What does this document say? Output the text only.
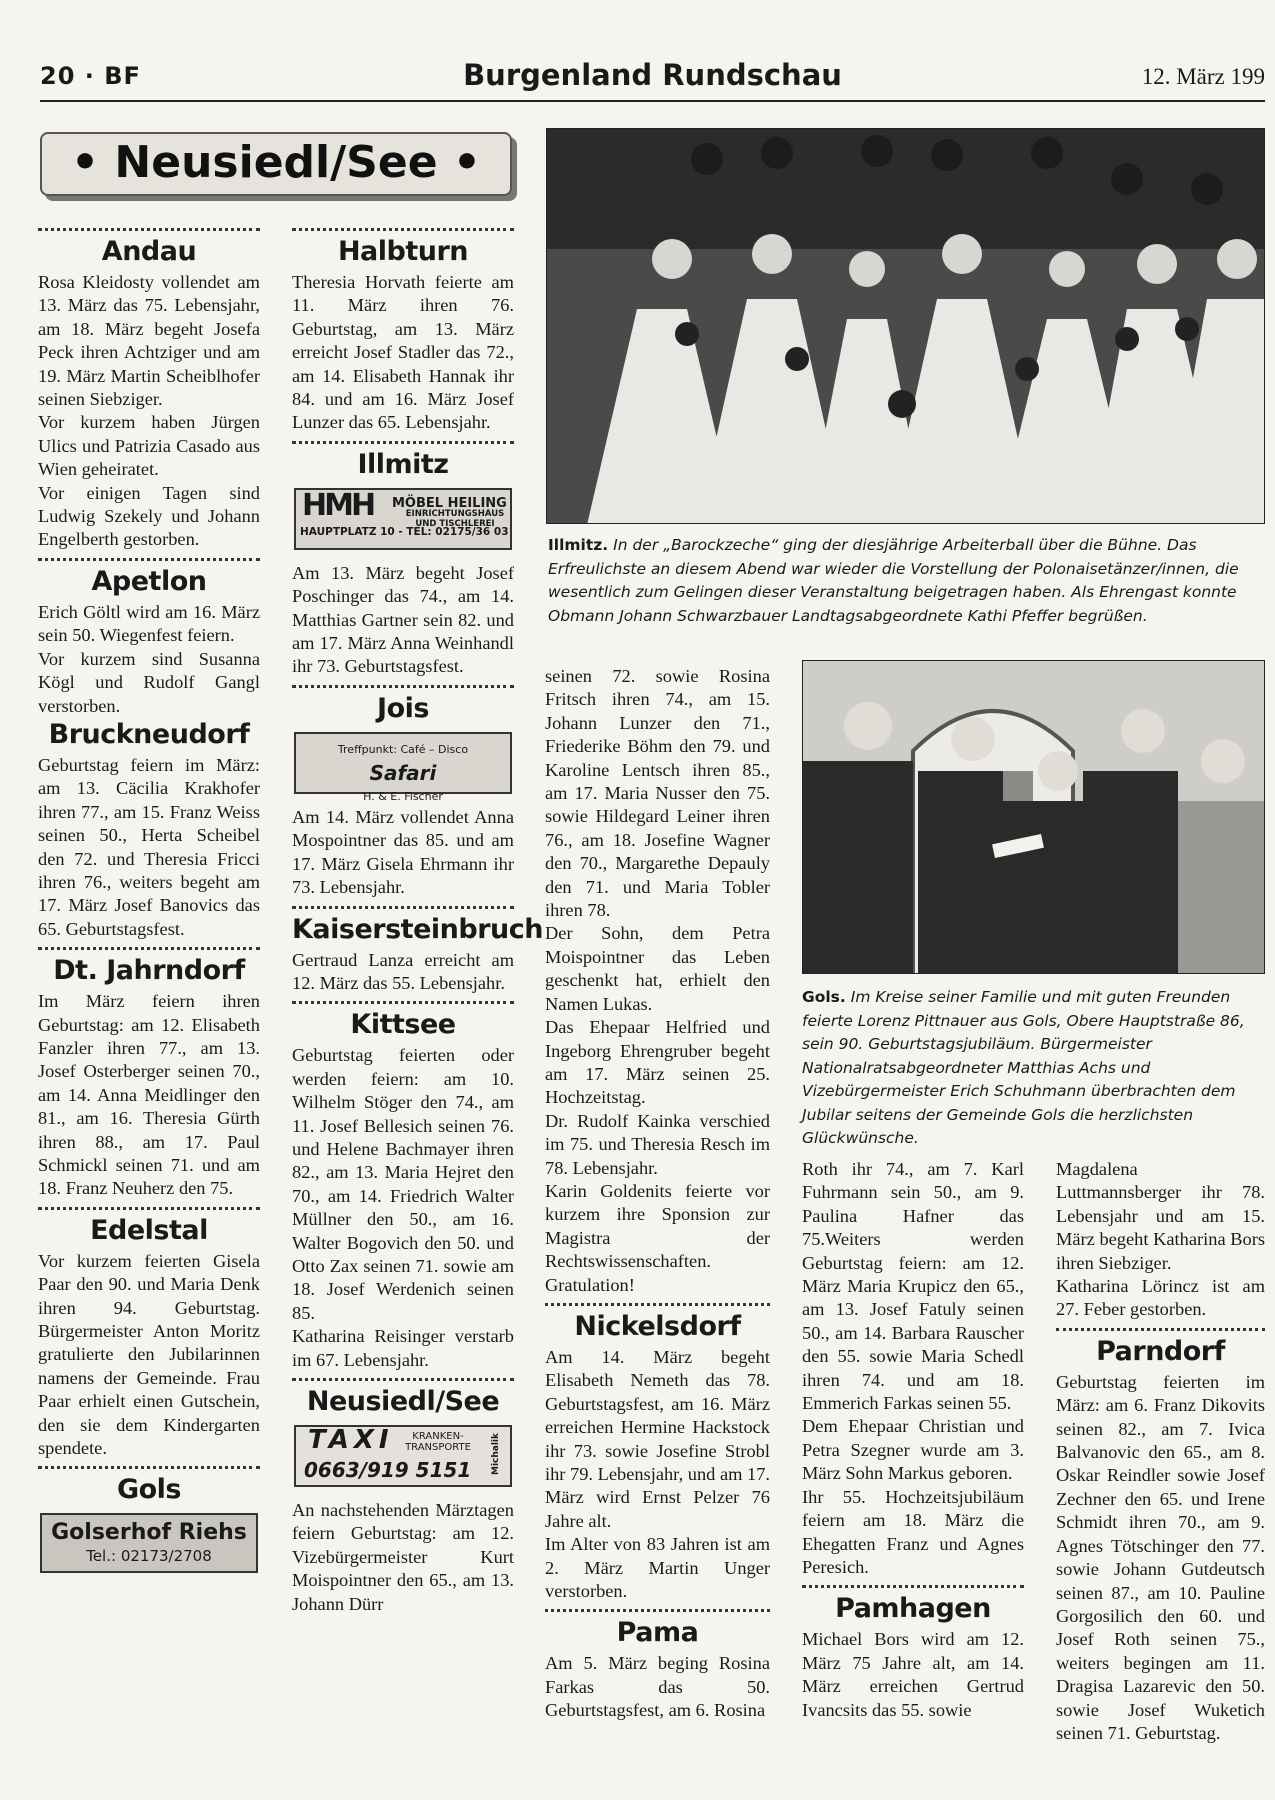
20 · BF	Burgenland Rundschau	12. März 199
• Neusiedl/See •
Andau

Rosa Kleidosty vollendet am 13. März das 75. Lebensjahr, am 18. März begeht Josefa Peck ihren Achtziger und am 19. März Martin Scheiblhofer seinen Siebziger.

Vor kurzem haben Jürgen Ulics und Patrizia Casado aus Wien geheiratet.

Vor einigen Tagen sind Ludwig Szekely und Johann Engelberth gestorben.

Apetlon

Erich Göltl wird am 16. März sein 50. Wiegenfest feiern.

Vor kurzem sind Susanna Kögl und Rudolf Gangl verstorben.

Bruckneudorf

Geburtstag feiern im März: am 13. Cäcilia Krakhofer ihren 77., am 15. Franz Weiss seinen 50., Herta Scheibel den 72. und Theresia Fricci ihren 76., weiters begeht am 17. März Josef Banovics das 65. Geburtstagsfest.

Dt. Jahrndorf

Im März feiern ihren Geburtstag: am 12. Elisabeth Fanzler ihren 77., am 13. Josef Osterberger seinen 70., am 14. Anna Meidlinger den 81., am 16. Theresia Gürth ihren 88., am 17. Paul Schmickl seinen 71. und am 18. Franz Neuherz den 75.

Edelstal

Vor kurzem feierten Gisela Paar den 90. und Maria Denk ihren 94. Geburtstag. Bürgermeister Anton Moritz gratulierte den Jubilarinnen namens der Gemeinde. Frau Paar erhielt einen Gutschein, den sie dem Kindergarten spendete.

Gols
Golserhof Riehs
Tel.: 02173/2708
Halbturn

Theresia Horvath feierte am 11. März ihren 76. Geburtstag, am 13. März erreicht Josef Stadler das 72., am 14. Elisabeth Hannak ihr 84. und am 16. März Josef Lunzer das 65. Lebensjahr.

Illmitz
HMH MÖBEL HEILING
EINRICHTUNGSHAUS UND TISCHLEREI
HAUPTPLATZ 10 - TEL: 02175/36 03

Am 13. März begeht Josef Poschinger das 74., am 14. Matthias Gartner sein 82. und am 17. März Anna Weinhandl ihr 73. Geburtstagsfest.

Jois
Treffpunkt: Café – Disco
Safari
H. & E. Fischer

Am 14. März vollendet Anna Mospointner das 85. und am 17. März Gisela Ehrmann ihr 73. Lebensjahr.

Kaisersteinbruch

Gertraud Lanza erreicht am 12. März das 55. Lebensjahr.

Kittsee

Geburtstag feierten oder werden feiern: am 10. Wilhelm Stöger den 74., am 11. Josef Bellesich seinen 76. und Helene Bachmayer ihren 82., am 13. Maria Hejret den 70., am 14. Friedrich Walter Müllner den 50., am 16. Walter Bogovich den 50. und Otto Zax seinen 71. sowie am 18. Josef Werdenich seinen 85.

Katharina Reisinger verstarb im 67. Lebensjahr.

Neusiedl/See
TAXI	KRANKEN-TRANSPORTE
0663/919 5151	Michalik

An nachstehenden Märztagen feiern Geburtstag: am 12. Vizebürgermeister Kurt Moispointner den 65., am 13. Johann Dürr

Illmitz. In der „Barockzeche“ ging der diesjährige Arbeiterball über die Bühne. Das Erfreulichste an diesem Abend war wieder die Vorstellung der Polonaisetänzer/innen, die wesentlich zum Gelingen dieser Veranstaltung beigetragen haben. Als Ehrengast konnte Obmann Johann Schwarzbauer Landtagsabgeordnete Kathi Pfeffer begrüßen.

seinen 72. sowie Rosina Fritsch ihren 74., am 15. Johann Lunzer den 71., Friederike Böhm den 79. und Karoline Lentsch ihren 85., am 17. Maria Nusser den 75. sowie Hildegard Leiner ihren 76., am 18. Josefine Wagner den 70., Margarethe Depauly den 71. und Maria Tobler ihren 78.

Der Sohn, dem Petra Moispointner das Leben geschenkt hat, erhielt den Namen Lukas.

Das Ehepaar Helfried und Ingeborg Ehrengruber begeht am 17. März seinen 25. Hochzeitstag.

Dr. Rudolf Kainka verschied im 75. und Theresia Resch im 78. Lebensjahr.

Karin Goldenits feierte vor kurzem ihre Sponsion zur Magistra der Rechtswissenschaften. Gratulation!

Nickelsdorf

Am 14. März begeht Elisabeth Nemeth das 78. Geburtstagsfest, am 16. März erreichen Hermine Hackstock ihr 73. sowie Josefine Strobl ihr 79. Lebensjahr, und am 17. März wird Ernst Pelzer 76 Jahre alt.

Im Alter von 83 Jahren ist am 2. März Martin Unger verstorben.

Pama

Am 5. März beging Rosina Farkas das 50. Geburtstagsfest, am 6. Rosina

Gols. Im Kreise seiner Familie und mit guten Freunden feierte Lorenz Pittnauer aus Gols, Obere Hauptstraße 86, sein 90. Geburtstagsjubiläum. Bürgermeister Nationalratsabgeordneter Matthias Achs und Vizebürgermeister Erich Schuhmann überbrachten dem Jubilar seitens der Gemeinde Gols die herzlichsten Glückwünsche.

Roth ihr 74., am 7. Karl Fuhrmann sein 50., am 9. Paulina Hafner das 75.Weiters werden Geburtstag feiern: am 12. März Maria Krupicz den 65., am 13. Josef Fatuly seinen 50., am 14. Barbara Rauscher den 55. sowie Maria Schedl ihren 74. und am 18. Emmerich Farkas seinen 55.

Dem Ehepaar Christian und Petra Szegner wurde am 3. März Sohn Markus geboren.

Ihr 55. Hochzeitsjubiläum feiern am 18. März die Ehegatten Franz und Agnes Peresich.

Pamhagen

Michael Bors wird am 12. März 75 Jahre alt, am 14. März erreichen Gertrud Ivancsits das 55. sowie

Magdalena Luttmannsberger ihr 78. Lebensjahr und am 15. März begeht Katharina Bors ihren Siebziger.

Katharina Lörincz ist am 27. Feber gestorben.

Parndorf

Geburtstag feierten im März: am 6. Franz Dikovits seinen 82., am 7. Ivica Balvanovic den 65., am 8. Oskar Reindler sowie Josef Zechner den 65. und Irene Schmidt ihren 70., am 9. Agnes Tötschinger den 77. sowie Johann Gutdeutsch seinen 87., am 10. Pauline Gorgosilich den 60. und Josef Roth seinen 75., weiters begingen am 11. Dragisa Lazarevic den 50. sowie Josef Wuketich seinen 71. Geburtstag.
